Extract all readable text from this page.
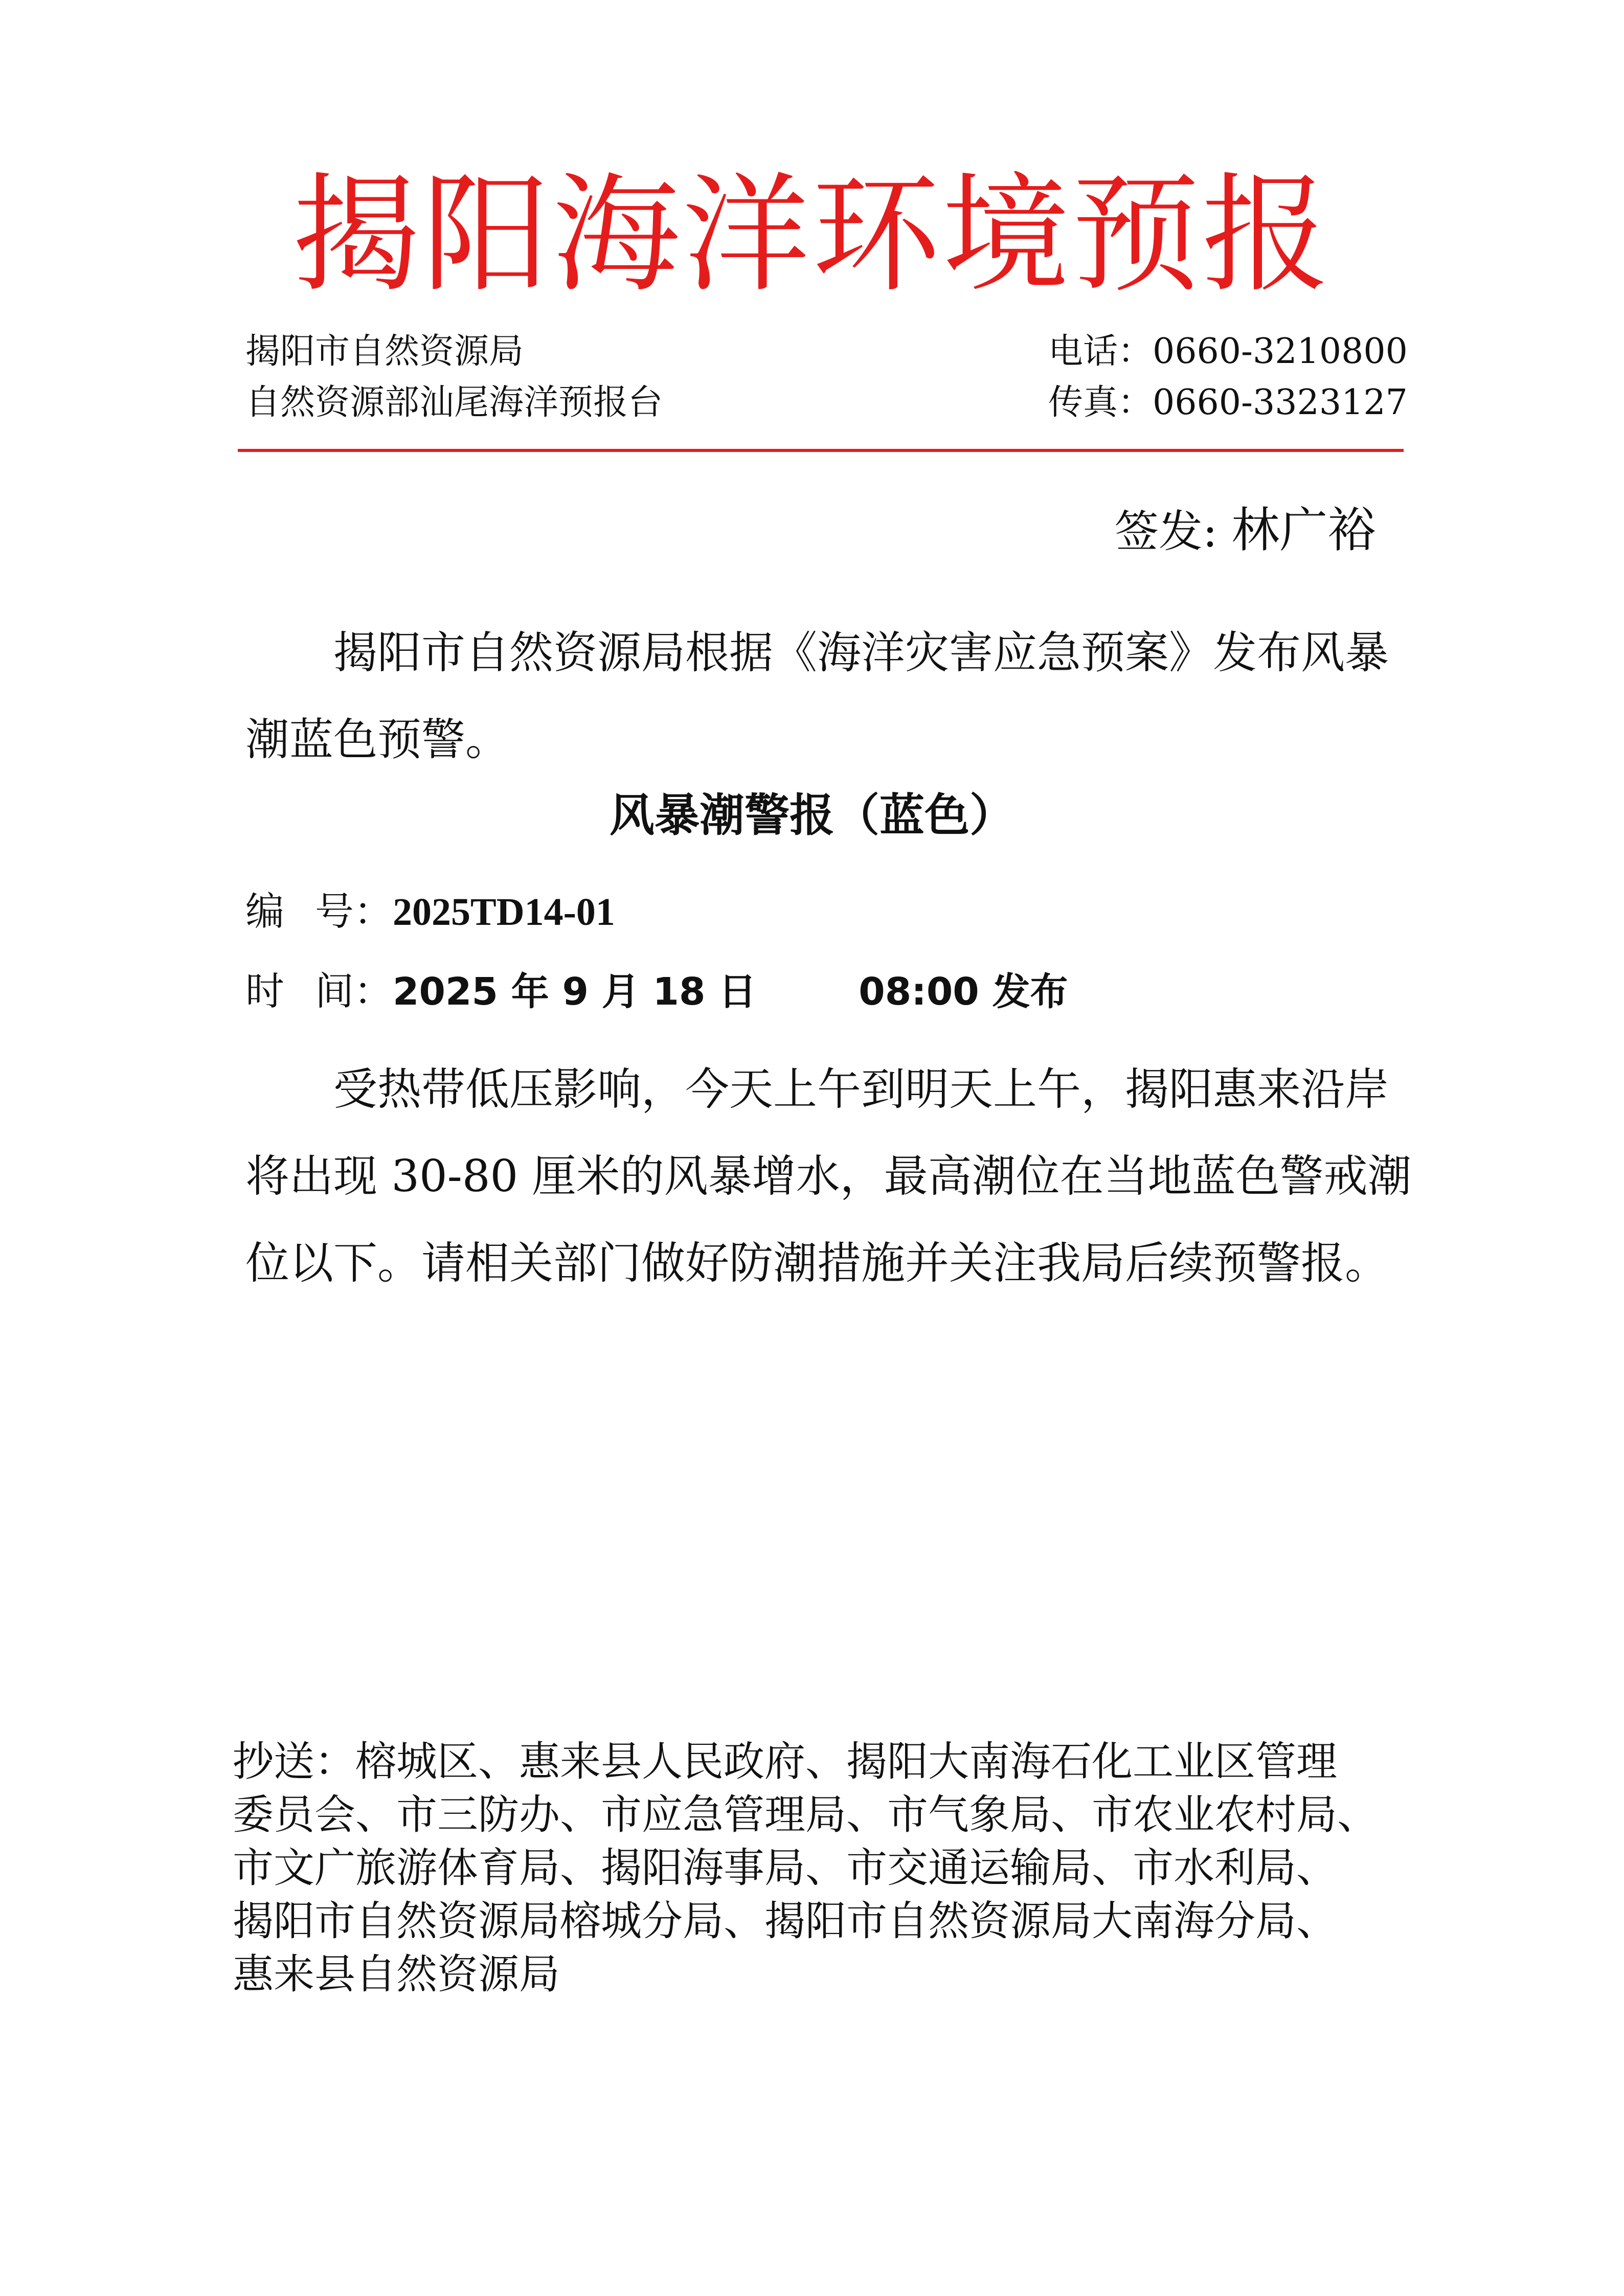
揭阳海洋环境预报
揭阳市自然资源局
自然资源部汕尾海洋预报台
电话：0660-3210800
传真：0660-3323127
签发: 林广裕
揭阳市自然资源局根据《海洋灾害应急预案》发布风暴潮蓝色预警。
风暴潮警报（蓝色）
编 号：2025TD14-01
时 间：2025 年 9 月 18 日	08:00 发布
受热带低压影响，今天上午到明天上午，揭阳惠来沿岸将出现 30-80 厘米的风暴增水，最高潮位在当地蓝色警戒潮位以下。请相关部门做好防潮措施并关注我局后续预警报。
抄送：榕城区、惠来县人民政府、揭阳大南海石化工业区管理
委员会、市三防办、市应急管理局、市气象局、市农业农村局、
市文广旅游体育局、揭阳海事局、市交通运输局、市水利局、
揭阳市自然资源局榕城分局、揭阳市自然资源局大南海分局、
惠来县自然资源局
